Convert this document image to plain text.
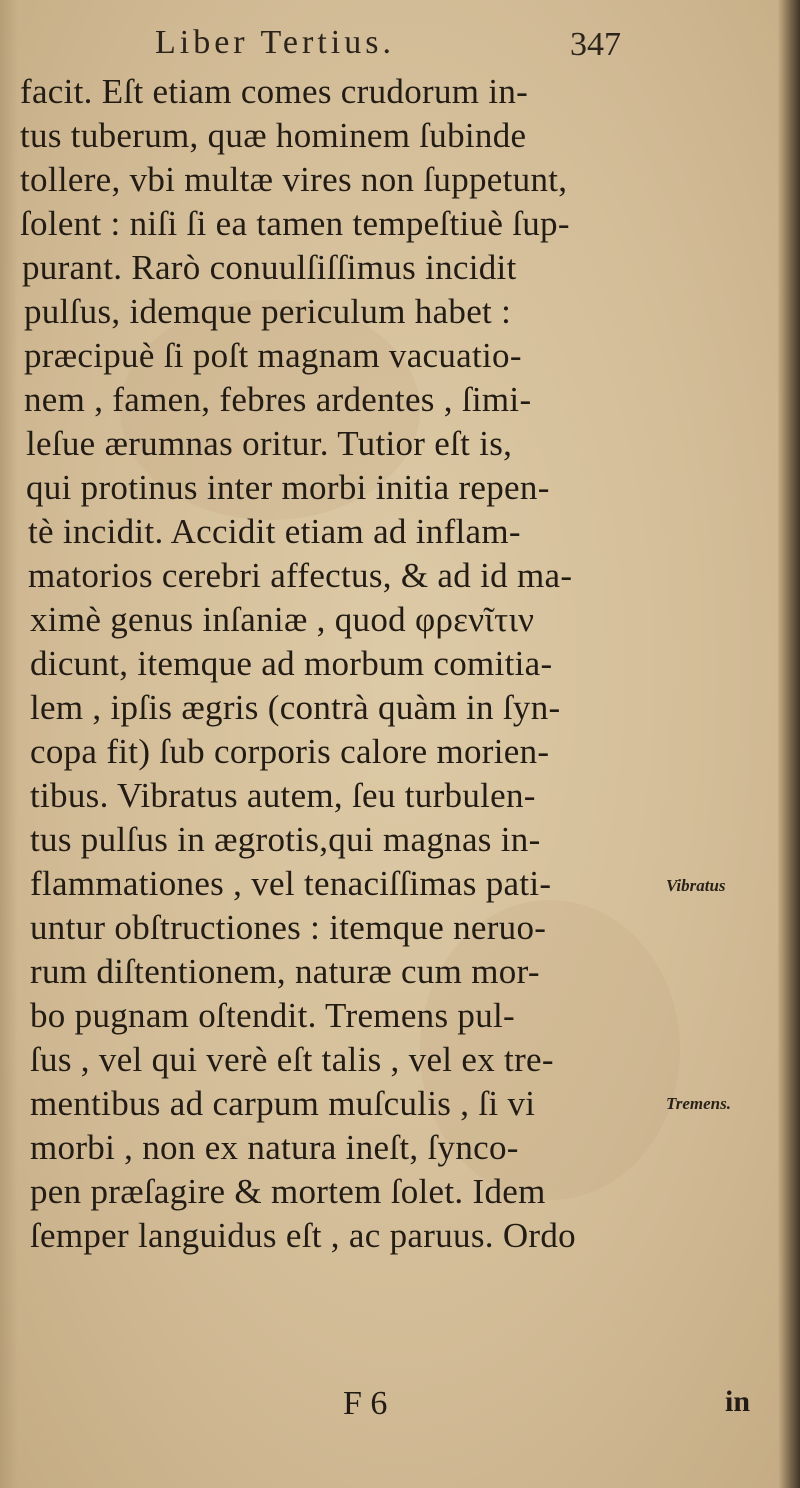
Liber Tertius.	347
facit. Eſt etiam comes crudorum in-
tus tuberum, quæ hominem ſubinde
tollere, vbi multæ vires non ſuppetunt,
ſolent : niſi ſi ea tamen tempeſtiuè ſup-
purant. Rarò conuulſiſſimus incidit
pulſus, idemque periculum habet :
præcipuè ſi poſt magnam vacuatio-
nem , famen, febres ardentes , ſimi-
leſue ærumnas oritur. Tutior eſt is,
qui protinus inter morbi initia repen-
tè incidit. Accidit etiam ad inflam-
matorios cerebri affectus, & ad id ma-
ximè genus inſaniæ , quod φρενῖτιν
dicunt, itemque ad morbum comitia-
lem , ipſis ægris (contrà quàm in ſyn-
copa fit) ſub corporis calore morien-
tibus. Vibratus autem, ſeu turbulen-
tus pulſus in ægrotis,qui magnas in-
flammationes , vel tenaciſſimas pati-
untur obſtructiones : itemque neruo-
rum diſtentionem, naturæ cum mor-
bo pugnam oſtendit. Tremens pul-
ſus , vel qui verè eſt talis , vel ex tre-
mentibus ad carpum muſculis , ſi vi
morbi , non ex natura ineſt, ſynco-
pen præſagire & mortem ſolet. Idem
ſemper languidus eſt , ac paruus. Ordo
Vibratus
Tremens.
F 6	in
